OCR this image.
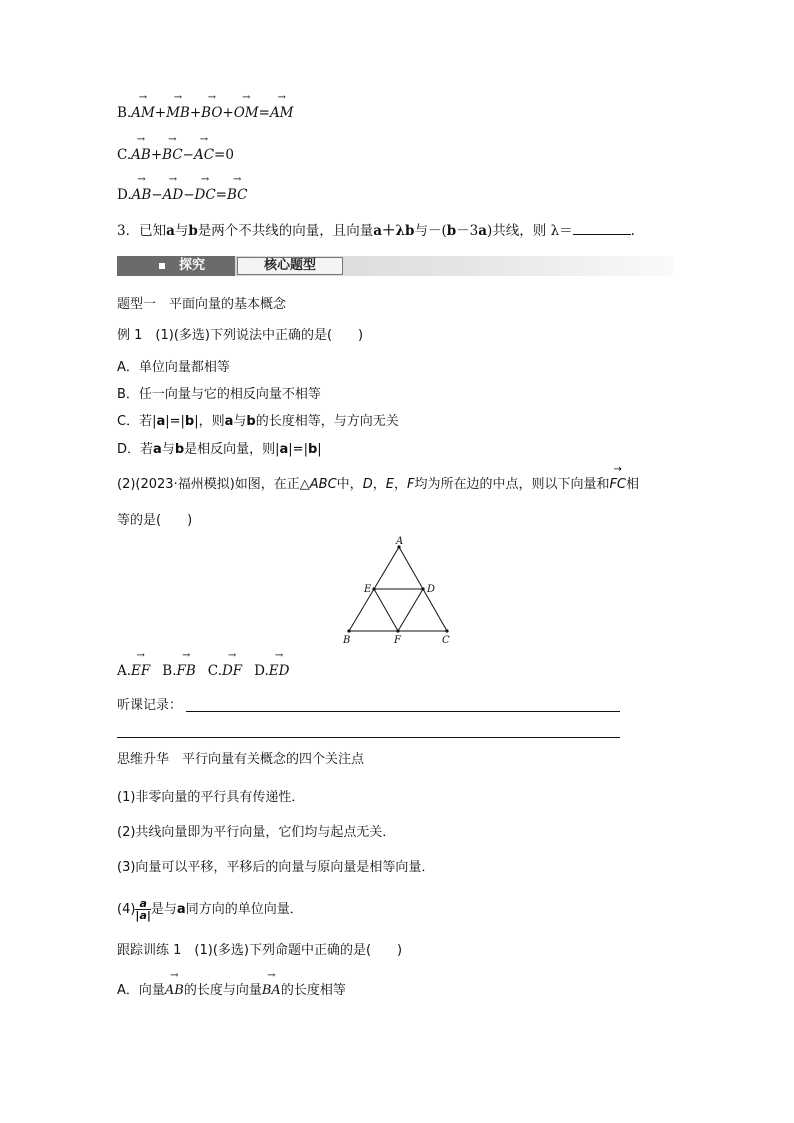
B.→ AM+→ MB+→ BO+→ OM=→ AM
C.→ AB+→ BC−→ AC=0
D.→ AB−→ AD−→ DC=→ BC
3．已知a与b是两个不共线的向量，且向量a＋λb与－(b－3a)共线，则 λ＝	.
探究	核心题型
题型一　平面向量的基本概念
例 1　(1)(多选)下列说法中正确的是(　　)
A．单位向量都相等
B．任一向量与它的相反向量不相等
C．若|a|=|b|，则a与b的长度相等，与方向无关
D．若a与b是相反向量，则|a|=|b|
(2)(2023·福州模拟)如图，在正△ABC中，D，E，F均为所在边的中点，则以下向量和→ FC相
等的是(　　)
A
B	C
D
E
F
A.→ EF B.→ FB C.→ DF D.→ ED
听课记录：
思维升华　平行向量有关概念的四个关注点
(1)非零向量的平行具有传递性．
(2)共线向量即为平行向量，它们均与起点无关．
(3)向量可以平移，平移后的向量与原向量是相等向量．
$(4) \frac{a}{|a|}$ 是与a同方向的单位向量．
跟踪训练 1　(1)(多选)下列命题中正确的是(　　)
A．向量→ AB的长度与向量→ BA的长度相等
